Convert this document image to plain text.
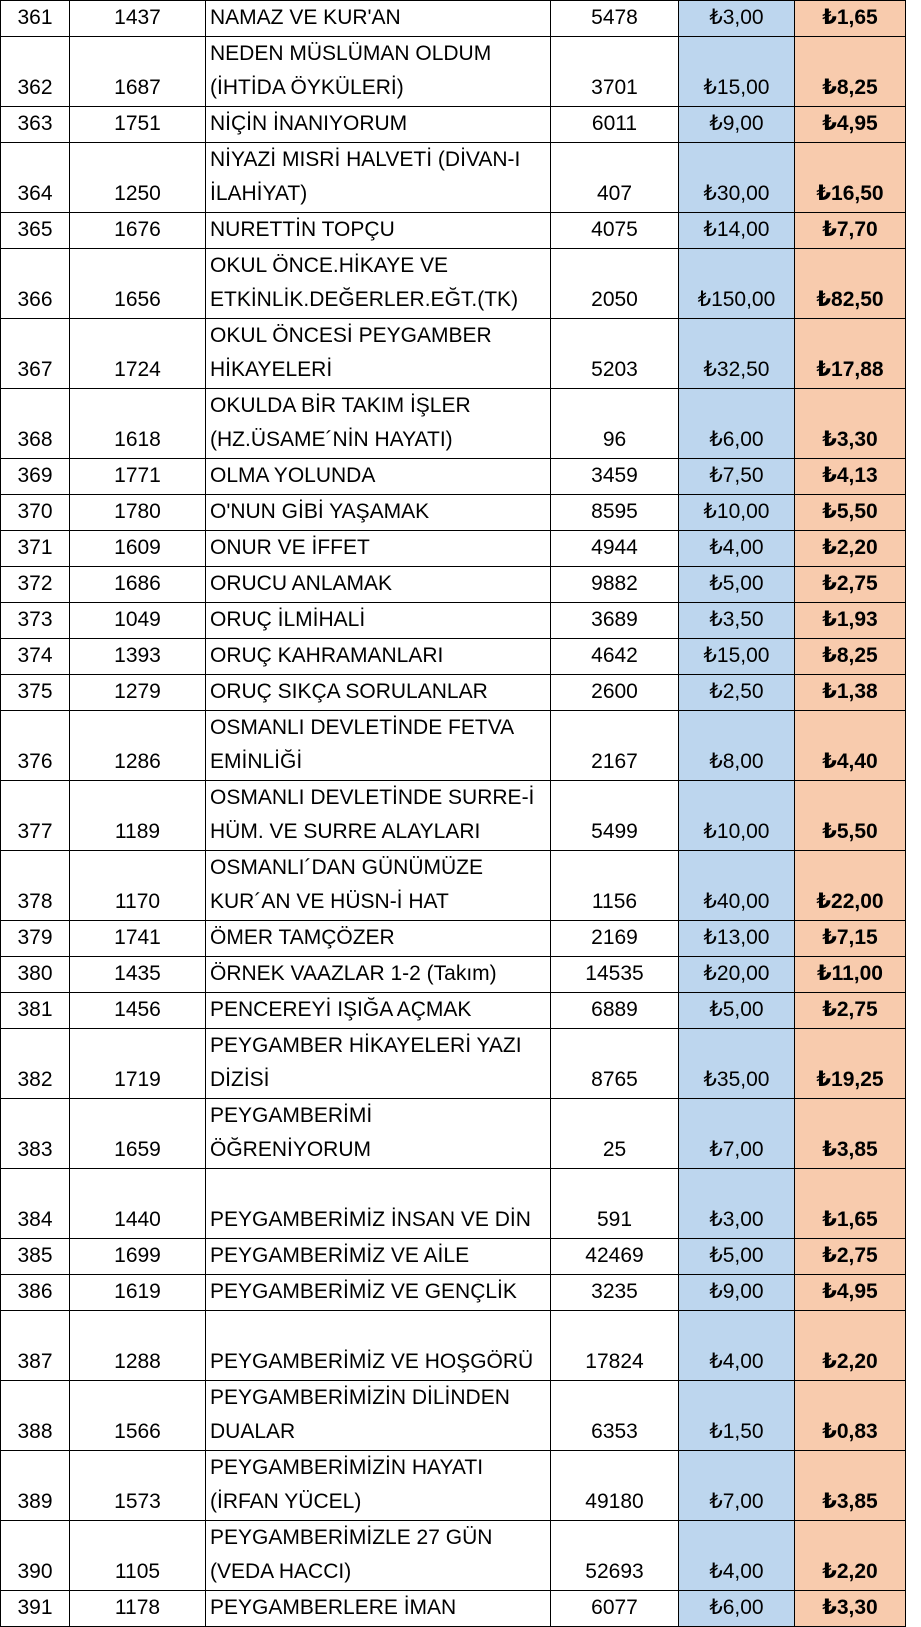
361	1437	NAMAZ VE KUR'AN	5478	₺3,00	₺1,65
362	1687	NEDEN MÜSLÜMAN OLDUM
(İHTİDA ÖYKÜLERİ)	3701	₺15,00	₺8,25
363	1751	NİÇİN İNANIYORUM	6011	₺9,00	₺4,95
364	1250	NİYAZİ MISRİ HALVETİ (DİVAN-I
İLAHİYAT)	407	₺30,00	₺16,50
365	1676	NURETTİN TOPÇU	4075	₺14,00	₺7,70
366	1656	OKUL ÖNCE.HİKAYE VE
ETKİNLİK.DEĞERLER.EĞT.(TK)	2050	₺150,00	₺82,50
367	1724	OKUL ÖNCESİ PEYGAMBER
HİKAYELERİ	5203	₺32,50	₺17,88
368	1618	OKULDA BİR TAKIM İŞLER
(HZ.ÜSAME´NİN HAYATI)	96	₺6,00	₺3,30
369	1771	OLMA YOLUNDA	3459	₺7,50	₺4,13
370	1780	O'NUN GİBİ YAŞAMAK	8595	₺10,00	₺5,50
371	1609	ONUR VE İFFET	4944	₺4,00	₺2,20
372	1686	ORUCU ANLAMAK	9882	₺5,00	₺2,75
373	1049	ORUÇ İLMİHALİ	3689	₺3,50	₺1,93
374	1393	ORUÇ KAHRAMANLARI	4642	₺15,00	₺8,25
375	1279	ORUÇ SIKÇA SORULANLAR	2600	₺2,50	₺1,38
376	1286	OSMANLI DEVLETİNDE FETVA
EMİNLİĞİ	2167	₺8,00	₺4,40
377	1189	OSMANLI DEVLETİNDE SURRE-İ
HÜM. VE SURRE ALAYLARI	5499	₺10,00	₺5,50
378	1170	OSMANLI´DAN GÜNÜMÜZE
KUR´AN VE HÜSN-İ HAT	1156	₺40,00	₺22,00
379	1741	ÖMER TAMÇÖZER	2169	₺13,00	₺7,15
380	1435	ÖRNEK VAAZLAR 1-2 (Takım)	14535	₺20,00	₺11,00
381	1456	PENCEREYİ IŞIĞA AÇMAK	6889	₺5,00	₺2,75
382	1719	PEYGAMBER HİKAYELERİ YAZI
DİZİSİ	8765	₺35,00	₺19,25
383	1659	PEYGAMBERİMİ
ÖĞRENİYORUM	25	₺7,00	₺3,85
384	1440	PEYGAMBERİMİZ İNSAN VE DİN	591	₺3,00	₺1,65
385	1699	PEYGAMBERİMİZ VE AİLE	42469	₺5,00	₺2,75
386	1619	PEYGAMBERİMİZ VE GENÇLİK	3235	₺9,00	₺4,95
387	1288	PEYGAMBERİMİZ VE HOŞGÖRÜ	17824	₺4,00	₺2,20
388	1566	PEYGAMBERİMİZİN DİLİNDEN
DUALAR	6353	₺1,50	₺0,83
389	1573	PEYGAMBERİMİZİN HAYATI
(İRFAN YÜCEL)	49180	₺7,00	₺3,85
390	1105	PEYGAMBERİMİZLE 27 GÜN
(VEDA HACCI)	52693	₺4,00	₺2,20
391	1178	PEYGAMBERLERE İMAN	6077	₺6,00	₺3,30
